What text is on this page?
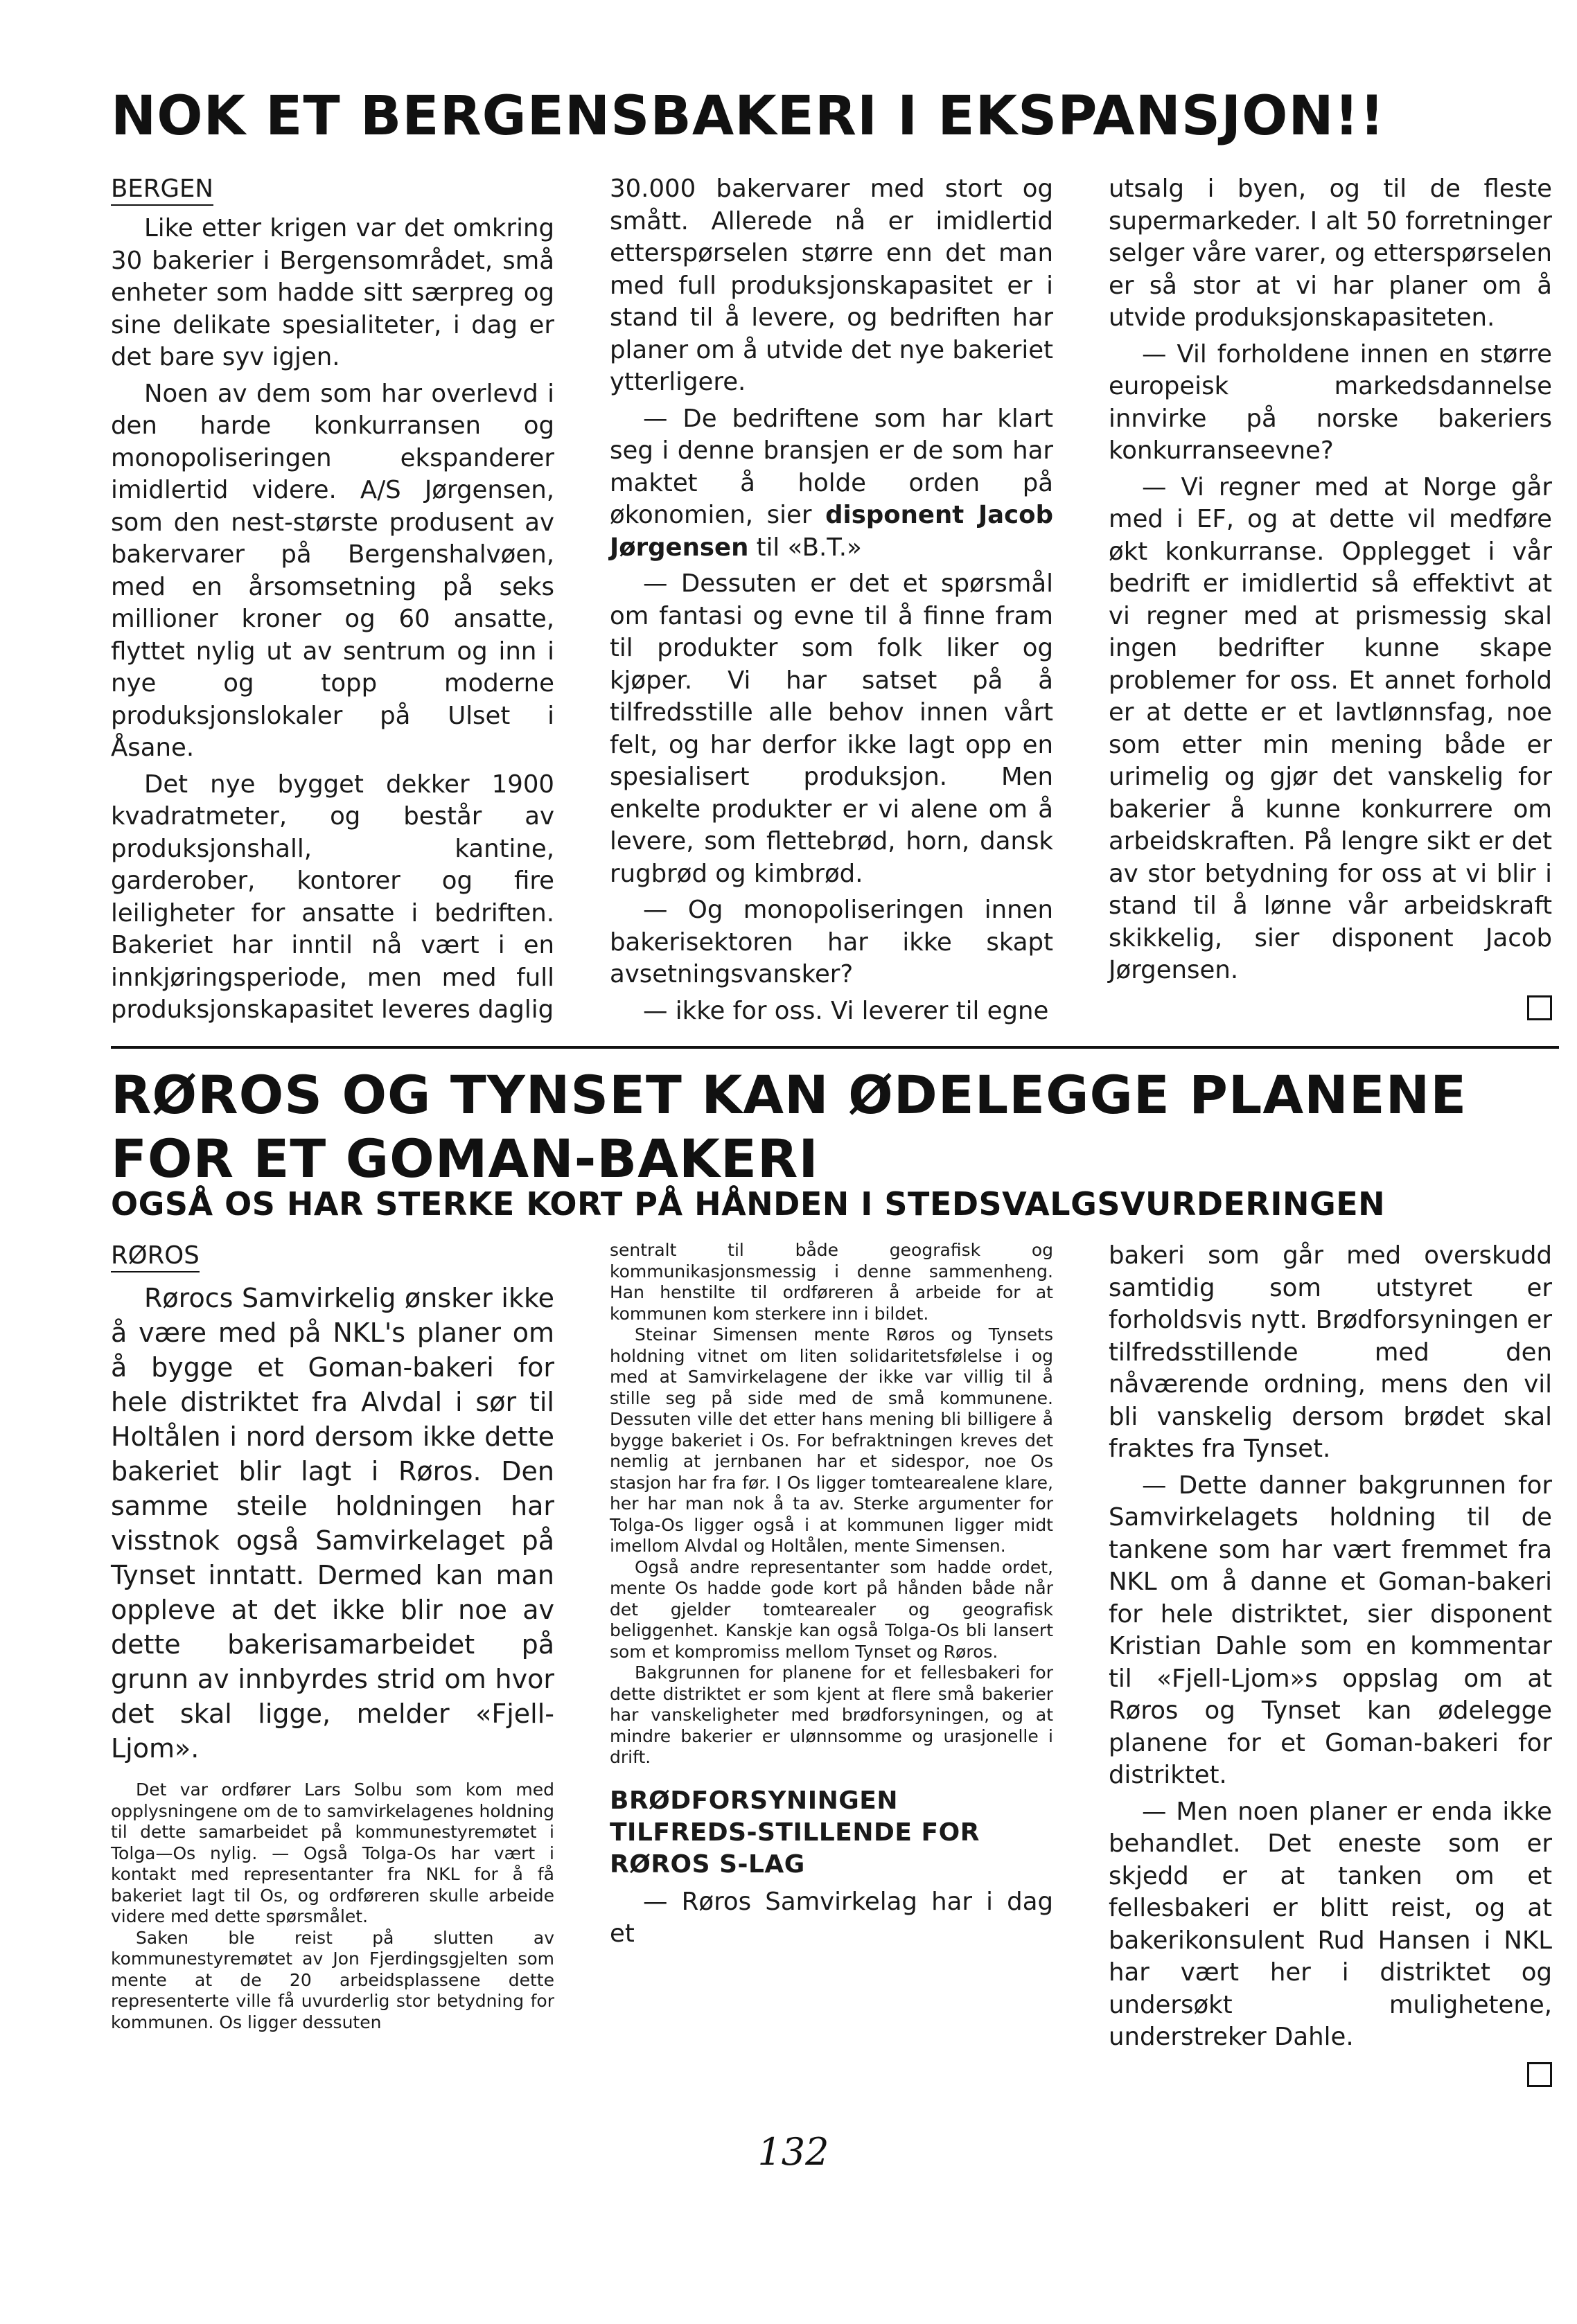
NOK ET BERGENSBAKERI I EKSPANSJON!!
BERGEN

Like etter krigen var det omkring 30 bakerier i Bergensområdet, små enheter som hadde sitt særpreg og sine delikate spesialiteter, i dag er det bare syv igjen.

Noen av dem som har overlevd i den harde konkurransen og monopoliseringen ekspanderer imidlertid videre. A/S Jørgensen, som den nest-største produsent av bakervarer på Bergenshalvøen, med en årsomsetning på seks millioner kroner og 60 ansatte, flyttet nylig ut av sentrum og inn i nye og topp moderne produksjonslokaler på Ulset i Åsane.

Det nye bygget dekker 1900 kvadratmeter, og består av produksjonshall, kantine, garderober, kontorer og fire leiligheter for ansatte i bedriften. Bakeriet har inntil nå vært i en innkjøringsperiode, men med full produksjonskapasitet leveres daglig

30.000 bakervarer med stort og smått. Allerede nå er imidlertid etterspørselen større enn det man med full produksjonskapasitet er i stand til å levere, og bedriften har planer om å utvide det nye bakeriet ytterligere.

— De bedriftene som har klart seg i denne bransjen er de som har maktet å holde orden på økonomien, sier disponent Jacob Jørgensen til «B.T.»

— Dessuten er det et spørsmål om fantasi og evne til å finne fram til produkter som folk liker og kjøper. Vi har satset på å tilfredsstille alle behov innen vårt felt, og har derfor ikke lagt opp en spesialisert produksjon. Men enkelte produkter er vi alene om å levere, som flettebrød, horn, dansk rugbrød og kimbrød.

— Og monopoliseringen innen bakerisektoren har ikke skapt avsetningsvansker?

— ikke for oss. Vi leverer til egne

utsalg i byen, og til de fleste supermarkeder. I alt 50 forretninger selger våre varer, og etterspørselen er så stor at vi har planer om å utvide produksjonskapasiteten.

— Vil forholdene innen en større europeisk markedsdannelse innvirke på norske bakeriers konkurranseevne?

— Vi regner med at Norge går med i EF, og at dette vil medføre økt konkurranse. Opplegget i vår bedrift er imidlertid så effektivt at vi regner med at prismessig skal ingen bedrifter kunne skape problemer for oss. Et annet forhold er at dette er et lavtlønnsfag, noe som etter min mening både er urimelig og gjør det vanskelig for bakerier å kunne konkurrere om arbeidskraften. På lengre sikt er det av stor betydning for oss at vi blir i stand til å lønne vår arbeidskraft skikkelig, sier disponent Jacob Jørgensen.

RØROS OG TYNSET KAN ØDELEGGE PLANENE FOR ET GOMAN-BAKERI
OGSÅ OS HAR STERKE KORT PÅ HÅNDEN I STEDSVALGSVURDERINGEN
RØROS

Rørocs Samvirkelig ønsker ikke å være med på NKL's planer om å bygge et Goman-bakeri for hele distriktet fra Alvdal i sør til Holtålen i nord dersom ikke dette bakeriet blir lagt i Røros. Den samme steile holdningen har visstnok også Samvirkelaget på Tynset inntatt. Dermed kan man oppleve at det ikke blir noe av dette bakerisamarbeidet på grunn av innbyrdes strid om hvor det skal ligge, melder «Fjell-Ljom».

Det var ordfører Lars Solbu som kom med opplysningene om de to samvirkelagenes holdning til dette samarbeidet på kommunestyremøtet i Tolga—Os nylig. — Også Tolga-Os har vært i kontakt med representanter fra NKL for å få bakeriet lagt til Os, og ordføreren skulle arbeide videre med dette spørsmålet.

Saken ble reist på slutten av kommunestyremøtet av Jon Fjerdingsgjelten som mente at de 20 arbeidsplassene dette representerte ville få uvurderlig stor betydning for kommunen. Os ligger dessuten

sentralt til både geografisk og kommunikasjonsmessig i denne sammenheng. Han henstilte til ordføreren å arbeide for at kommunen kom sterkere inn i bildet.

Steinar Simensen mente Røros og Tynsets holdning vitnet om liten solidaritetsfølelse i og med at Samvirkelagene der ikke var villig til å stille seg på side med de små kommunene. Dessuten ville det etter hans mening bli billigere å bygge bakeriet i Os. For befraktningen kreves det nemlig at jernbanen har et sidespor, noe Os stasjon har fra før. I Os ligger tomtearealene klare, her har man nok å ta av. Sterke argumenter for Tolga-Os ligger også i at kommunen ligger midt imellom Alvdal og Holtålen, mente Simensen.

Også andre representanter som hadde ordet, mente Os hadde gode kort på hånden både når det gjelder tomtearealer og geografisk beliggenhet. Kanskje kan også Tolga-Os bli lansert som et kompromiss mellom Tynset og Røros.

Bakgrunnen for planene for et fellesbakeri for dette distriktet er som kjent at flere små bakerier har vanskeligheter med brødforsyningen, og at mindre bakerier er ulønnsomme og urasjonelle i drift.

BRØDFORSYNINGEN TILFREDS-STILLENDE FOR RØROS S-LAG

— Røros Samvirkelag har i dag et

bakeri som går med overskudd samtidig som utstyret er forholdsvis nytt. Brødforsyningen er tilfredsstillende med den nåværende ordning, mens den vil bli vanskelig dersom brødet skal fraktes fra Tynset.

— Dette danner bakgrunnen for Samvirkelagets holdning til de tankene som har vært fremmet fra NKL om å danne et Goman-bakeri for hele distriktet, sier disponent Kristian Dahle som en kommentar til «Fjell-Ljom»s oppslag om at Røros og Tynset kan ødelegge planene for et Goman-bakeri for distriktet.

— Men noen planer er enda ikke behandlet. Det eneste som er skjedd er at tanken om et fellesbakeri er blitt reist, og at bakerikonsulent Rud Hansen i NKL har vært her i distriktet og undersøkt mulighetene, understreker Dahle.

132
